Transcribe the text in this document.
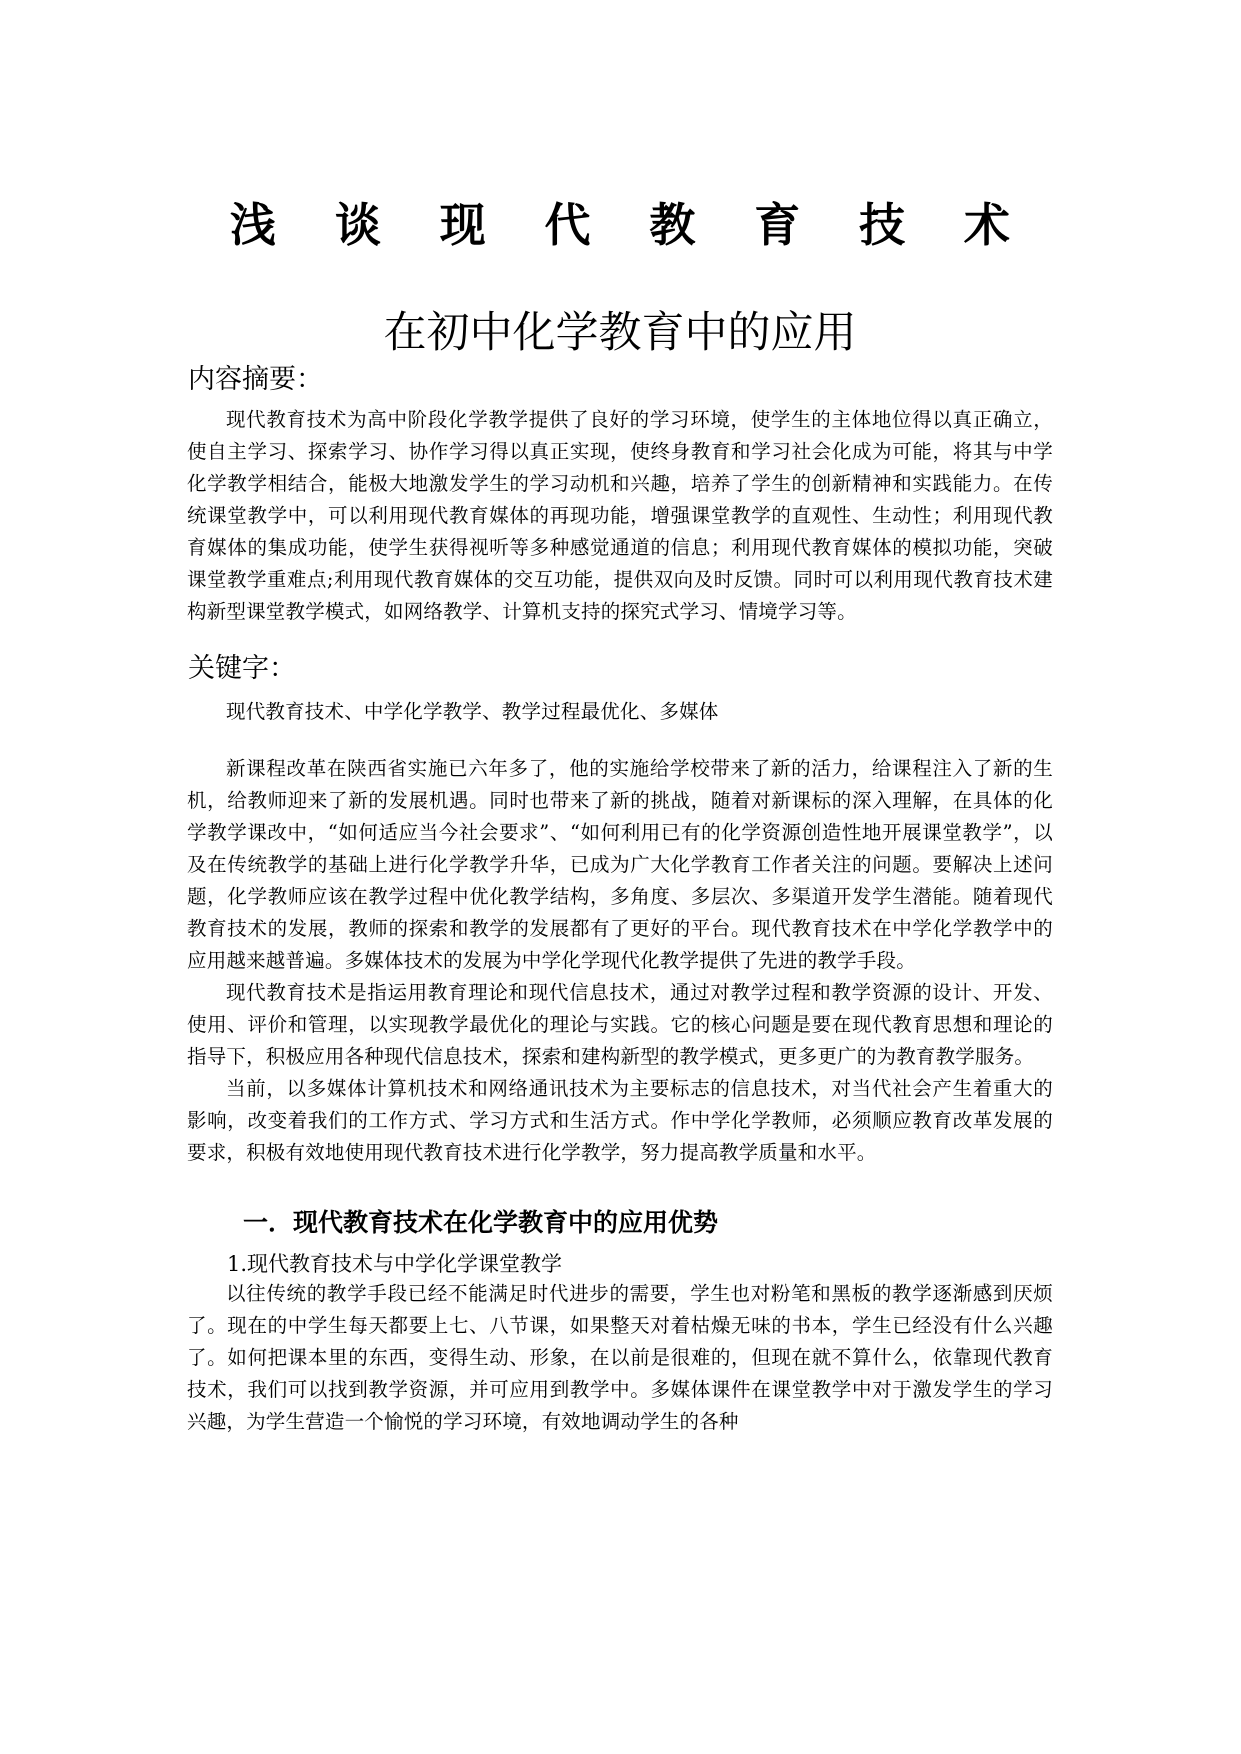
浅 谈 现 代 教 育 技 术
在初中化学教育中的应用
内容摘要：

现代教育技术为高中阶段化学教学提供了良好的学习环境，使学生的主体地位得以真正确立，使自主学习、探索学习、协作学习得以真正实现，使终身教育和学习社会化成为可能，将其与中学化学教学相结合，能极大地激发学生的学习动机和兴趣，培养了学生的创新精神和实践能力。在传统课堂教学中，可以利用现代教育媒体的再现功能，增强课堂教学的直观性、生动性；利用现代教育媒体的集成功能，使学生获得视听等多种感觉通道的信息；利用现代教育媒体的模拟功能，突破课堂教学重难点;利用现代教育媒体的交互功能，提供双向及时反馈。同时可以利用现代教育技术建构新型课堂教学模式，如网络教学、计算机支持的探究式学习、情境学习等。

关键字：

现代教育技术、中学化学教学、教学过程最优化、多媒体

新课程改革在陕西省实施已六年多了，他的实施给学校带来了新的活力，给课程注入了新的生机，给教师迎来了新的发展机遇。同时也带来了新的挑战，随着对新课标的深入理解，在具体的化学教学课改中，“如何适应当今社会要求”、“如何利用已有的化学资源创造性地开展课堂教学”，以及在传统教学的基础上进行化学教学升华，已成为广大化学教育工作者关注的问题。要解决上述问题，化学教师应该在教学过程中优化教学结构，多角度、多层次、多渠道开发学生潜能。随着现代教育技术的发展，教师的探索和教学的发展都有了更好的平台。现代教育技术在中学化学教学中的应用越来越普遍。多媒体技术的发展为中学化学现代化教学提供了先进的教学手段。

现代教育技术是指运用教育理论和现代信息技术，通过对教学过程和教学资源的设计、开发、使用、评价和管理，以实现教学最优化的理论与实践。它的核心问题是要在现代教育思想和理论的指导下，积极应用各种现代信息技术，探索和建构新型的教学模式，更多更广的为教育教学服务。

当前，以多媒体计算机技术和网络通讯技术为主要标志的信息技术，对当代社会产生着重大的影响，改变着我们的工作方式、学习方式和生活方式。作中学化学教师，必须顺应教育改革发展的要求，积极有效地使用现代教育技术进行化学教学，努力提高教学质量和水平。

一．现代教育技术在化学教育中的应用优势
1.现代教育技术与中学化学课堂教学

以往传统的教学手段已经不能满足时代进步的需要，学生也对粉笔和黑板的教学逐渐感到厌烦了。现在的中学生每天都要上七、八节课，如果整天对着枯燥无味的书本，学生已经没有什么兴趣了。如何把课本里的东西，变得生动、形象，在以前是很难的，但现在就不算什么，依靠现代教育技术，我们可以找到教学资源，并可应用到教学中。多媒体课件在课堂教学中对于激发学生的学习兴趣，为学生营造一个愉悦的学习环境，有效地调动学生的各种
